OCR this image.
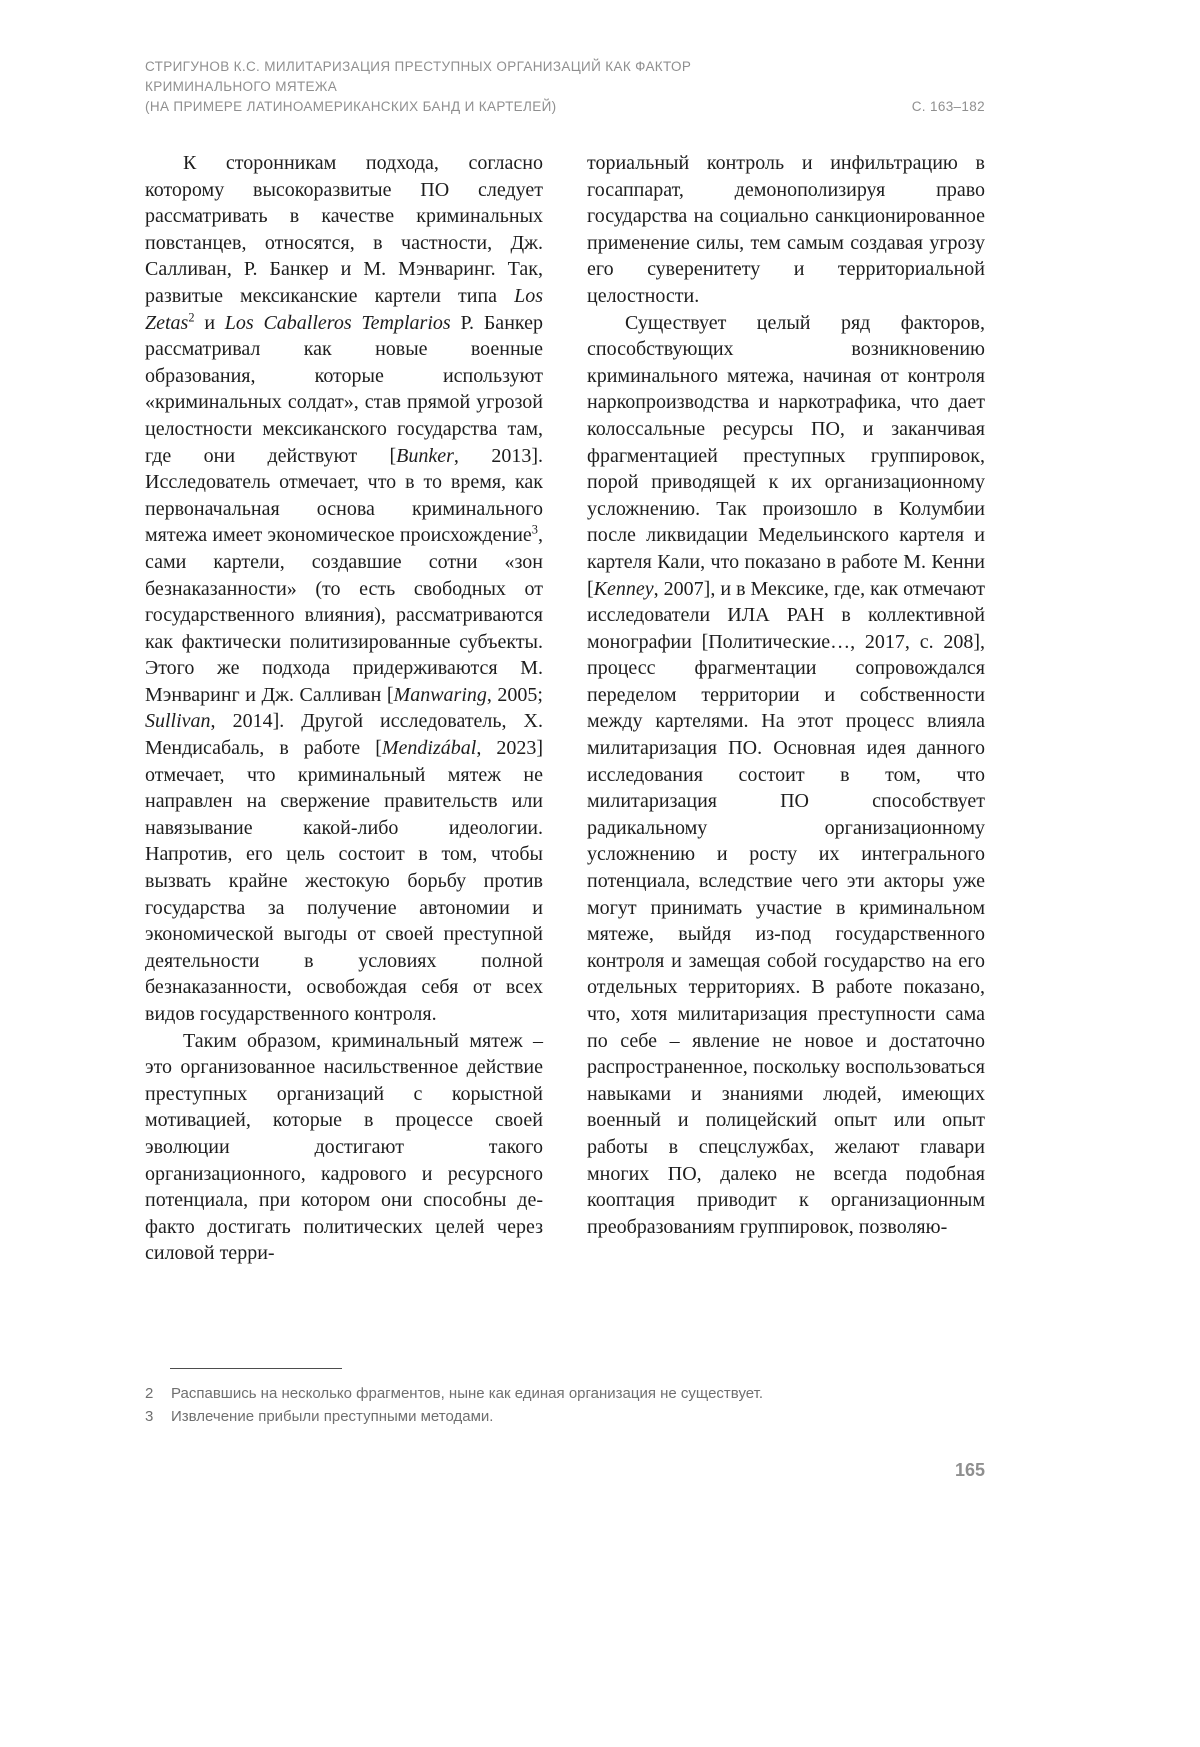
СТРИГУНОВ К.С. МИЛИТАРИЗАЦИЯ ПРЕСТУПНЫХ ОРГАНИЗАЦИЙ КАК ФАКТОР КРИМИНАЛЬНОГО МЯТЕЖА
(НА ПРИМЕРЕ ЛАТИНОАМЕРИКАНСКИХ БАНД И КАРТЕЛЕЙ)	С. 163–182

К сторонникам подхода, согласно которому высокоразвитые ПО следует рассматривать в качестве криминальных повстанцев, относятся, в частности, Дж. Салливан, Р. Банкер и М. Мэнваринг. Так, развитые мексиканские картели типа Los Zetas$^2$ и Los Caballeros Templarios Р. Банкер рассматривал как новые военные образования, которые используют «криминальных солдат», став прямой угрозой целостности мексиканского государства там, где они действуют [Bunker, 2013]. Исследователь отмечает, что в то время, как первоначальная основа криминального мятежа имеет экономическое происхождение$^3$, сами картели, создавшие сотни «зон безнаказанности» (то есть свободных от государственного влияния), рассматриваются как фактически политизированные субъекты. Этого же подхода придерживаются М. Мэнваринг и Дж. Салливан [Manwaring, 2005; Sullivan, 2014]. Другой исследователь, Х. Мендисабаль, в работе [Mendizábal, 2023] отмечает, что криминальный мятеж не направлен на свержение правительств или навязывание какой-либо идеологии. Напротив, его цель состоит в том, чтобы вызвать крайне жестокую борьбу против государства за получение автономии и экономической выгоды от своей преступной деятельности в условиях полной безнаказанности, освобождая себя от всех видов государственного контроля.

Таким образом, криминальный мятеж – это организованное насильственное действие преступных организаций с корыстной мотивацией, которые в процессе своей эволюции достигают такого организационного, кадрового и ресурсного потенциала, при котором они способны де-факто достигать политических целей через силовой терри-

ториальный контроль и инфильтрацию в госаппарат, демонополизируя право государства на социально санкционированное применение силы, тем самым создавая угрозу его суверенитету и территориальной целостности.

Существует целый ряд факторов, способствующих возникновению криминального мятежа, начиная от контроля наркопроизводства и наркотрафика, что дает колоссальные ресурсы ПО, и заканчивая фрагментацией преступных группировок, порой приводящей к их организационному усложнению. Так произошло в Колумбии после ликвидации Медельинского картеля и картеля Кали, что показано в работе М. Кенни [Kenney, 2007], и в Мексике, где, как отмечают исследователи ИЛА РАН в коллективной монографии [Политические…, 2017, с. 208], процесс фрагментации сопровождался переделом территории и собственности между картелями. На этот процесс влияла милитаризация ПО. Основная идея данного исследования состоит в том, что милитаризация ПО способствует радикальному организационному усложнению и росту их интегрального потенциала, вследствие чего эти акторы уже могут принимать участие в криминальном мятеже, выйдя из-под государственного контроля и замещая собой государство на его отдельных территориях. В работе показано, что, хотя милитаризация преступности сама по себе – явление не новое и достаточно распространенное, поскольку воспользоваться навыками и знаниями людей, имеющих военный и полицейский опыт или опыт работы в спецслужбах, желают главари многих ПО, далеко не всегда подобная кооптация приводит к организационным преобразованиям группировок, позволяю-

2	Распавшись на несколько фрагментов, ныне как единая организация не существует.
3	Извлечение прибыли преступными методами.
165
